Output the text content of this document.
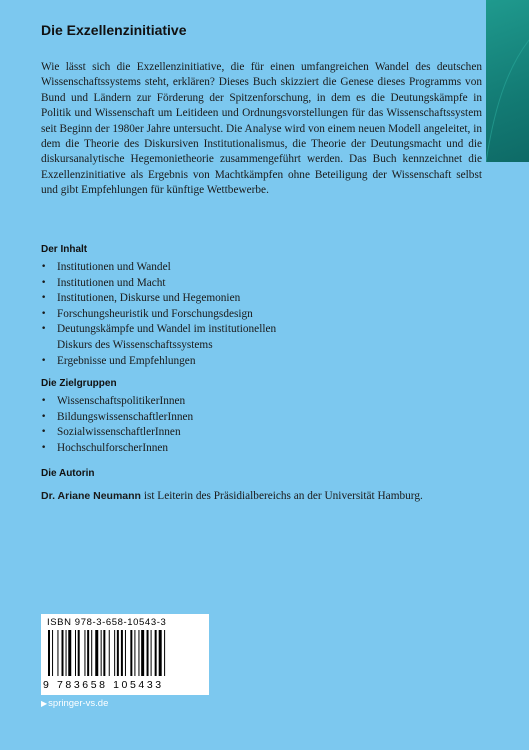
Die Exzellenzinitiative

Wie lässt sich die Exzellenzinitiative, die für einen umfangreichen Wandel des deutschen Wissenschaftssystems steht, erklären? Dieses Buch skizziert die Genese dieses Programms von Bund und Ländern zur Förderung der Spitzenforschung, in dem es die Deutungskämpfe in Politik und Wissenschaft um Leitideen und Ordnungsvorstellungen für das Wissenschaftssystem seit Beginn der 1980er Jahre untersucht. Die Analyse wird von einem neuen Modell angeleitet, in dem die Theorie des Diskursiven Institutionalismus, die Theorie der Deutungsmacht und die diskursanalytische Hegemonietheorie zusammengeführt werden. Das Buch kennzeichnet die Exzellenzinitiative als Ergebnis von Machtkämpfen ohne Beteiligung der Wissenschaft selbst und gibt Empfehlungen für künftige Wettbewerbe.

Der Inhalt
• Institutionen und Wandel
• Institutionen und Macht
• Institutionen, Diskurse und Hegemonien
• Forschungsheuristik und Forschungsdesign
• Deutungskämpfe und Wandel im institutionellen
Diskurs des Wissenschaftssystems
• Ergebnisse und Empfehlungen
Die Zielgruppen
• WissenschaftspolitikerInnen
• BildungswissenschaftlerInnen
• SozialwissenschaftlerInnen
• HochschulforscherInnen
Die Autorin

Dr. Ariane Neumann ist Leiterin des Präsidialbereichs an der Universität Hamburg.

ISBN 978-3-658-10543-3
9 783658 105433
▶springer-vs.de
